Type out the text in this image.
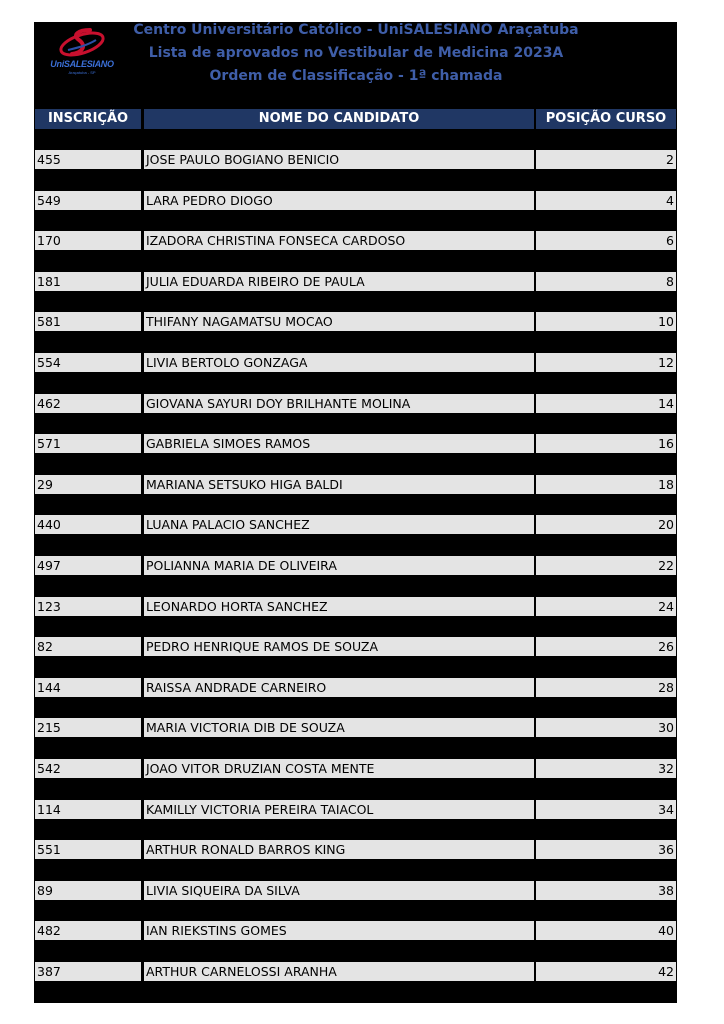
UniSALESIANO
Araçatuba - SP
Centro Universitário Católico - UniSALESIANO Araçatuba
Lista de aprovados no Vestibular de Medicina 2023A
Ordem de Classificação - 1ª chamada
INSCRIÇÃO	NOME DO CANDIDATO	POSIÇÃO CURSO
455	JOSE PAULO BOGIANO BENICIO	2
549	LARA PEDRO DIOGO	4
170	IZADORA CHRISTINA FONSECA CARDOSO	6
181	JULIA EDUARDA RIBEIRO DE PAULA	8
581	THIFANY NAGAMATSU MOCAO	10
554	LIVIA BERTOLO GONZAGA	12
462	GIOVANA SAYURI DOY BRILHANTE MOLINA	14
571	GABRIELA SIMOES RAMOS	16
29	MARIANA SETSUKO HIGA BALDI	18
440	LUANA PALACIO SANCHEZ	20
497	POLIANNA MARIA DE OLIVEIRA	22
123	LEONARDO HORTA SANCHEZ	24
82	PEDRO HENRIQUE RAMOS DE SOUZA	26
144	RAISSA ANDRADE CARNEIRO	28
215	MARIA VICTORIA DIB DE SOUZA	30
542	JOAO VITOR DRUZIAN COSTA MENTE	32
114	KAMILLY VICTORIA PEREIRA TAIACOL	34
551	ARTHUR RONALD BARROS KING	36
89	LIVIA SIQUEIRA DA SILVA	38
482	IAN RIEKSTINS GOMES	40
387	ARTHUR CARNELOSSI ARANHA	42
